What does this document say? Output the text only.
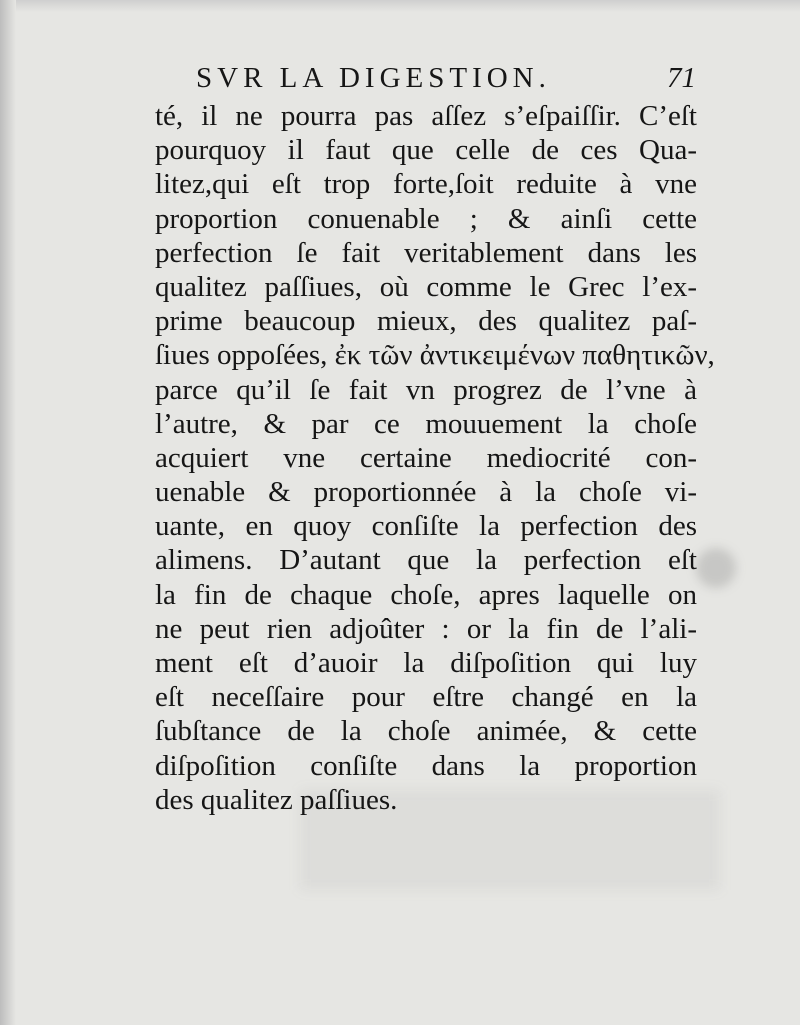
SVR LA DIGESTION.	71
té, il ne pourra pas aſſez s’eſpaiſſir. C’eſt
pourquoy il faut que celle de ces Qua-
litez,qui eſt trop forte,ſoit reduite à vne
proportion conuenable ; & ainſi cette
perfection ſe fait veritablement dans les
qualitez paſſiues, où comme le Grec l’ex-
prime beaucoup mieux, des qualitez paſ-
ſiues oppoſées, ἐκ τῶν ἀντικειμένων παθητικῶν,
parce qu’il ſe fait vn progrez de l’vne à
l’autre, & par ce mouuement la choſe
acquiert vne certaine mediocrité con-
uenable & proportionnée à la choſe vi-
uante, en quoy conſiſte la perfection des
alimens. D’autant que la perfection eſt
la fin de chaque choſe, apres laquelle on
ne peut rien adjoûter : or la fin de l’ali-
ment eſt d’auoir la diſpoſition qui luy
eſt neceſſaire pour eſtre changé en la
ſubſtance de la choſe animée, & cette
diſpoſition conſiſte dans la proportion
des qualitez paſſiues.
